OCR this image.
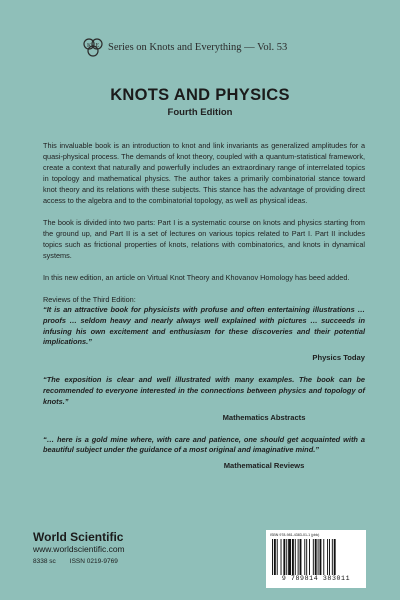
K E Series on Knots and Everything — Vol. 53
KNOTS AND PHYSICS
Fourth Edition

This invaluable book is an introduction to knot and link invariants as generalized amplitudes for a quasi-physical process. The demands of knot theory, coupled with a quantum-statistical framework, create a context that naturally and powerfully includes an extraordinary range of interrelated topics in topology and mathematical physics. The author takes a primarily combinatorial stance toward knot theory and its relations with these subjects. This stance has the advantage of providing direct access to the algebra and to the combinatorial topology, as well as physical ideas.

The book is divided into two parts: Part I is a systematic course on knots and physics starting from the ground up, and Part II is a set of lectures on various topics related to Part I. Part II includes topics such as frictional properties of knots, relations with combinatorics, and knots in dynamical systems.

In this new edition, an article on Virtual Knot Theory and Khovanov Homology has beed added.

Reviews of the Third Edition:
“It is an attractive book for physicists with profuse and often entertaining illustrations … proofs … seldom heavy and nearly always well explained with pictures … succeeds in infusing his own excitement and enthusiasm for these discoveries and their potential implications.”
Physics Today
“The exposition is clear and well illustrated with many examples. The book can be recommended to everyone interested in the connections between physics and topology of knots.”
Mathematics Abstracts
“… here is a gold mine where, with care and patience, one should get acquainted with a beautiful subject under the guidance of a most original and imaginative mind.”
Mathematical Reviews
World Scientific
www.worldscientific.com
8338 sc ISSN 0219-9769
ISBN 978-981-4383-01-1 (pbk)
9 789814 383011
